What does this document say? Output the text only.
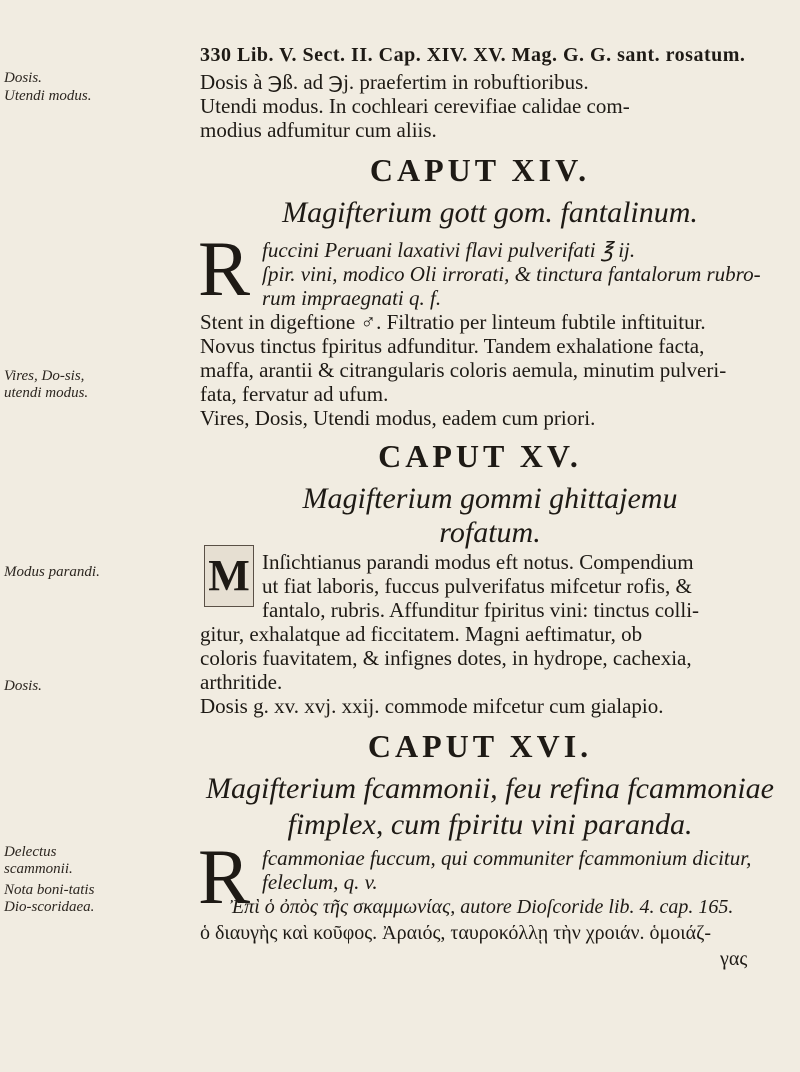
Dosis.
Utendi modus.
Vires, Do-sis, utendi modus.
Modus parandi.
Dosis.
Delectus scammonii.
Nota boni-tatis Dio-scoridaea.
330 Lib. V. Sect. II. Cap. XIV. XV. Mag. G. G. sant. rosatum.
Dosis à ℈ß. ad ℈j. praefertim in robuftioribus.
Utendi modus. In cochleari cerevifiae calidae com-
modius adfumitur cum aliis.
CAPUT XIV.
Magifterium gott gom. fantalinum.
R fuccini Peruani laxativi flavi pulverifati ℥ ij.
ʃpir. vini, modico Oli irrorati, & tinctura fantalorum rubro-
rum impraegnati q. f.
Stent in digeftione ♂. Filtratio per linteum fubtile inftituitur.
Novus tinctus fpiritus adfunditur. Tandem exhalatione facta,
maffa, arantii & citrangularis coloris aemula, minutim pulveri-
fata, fervatur ad ufum.
Vires, Dosis, Utendi modus, eadem cum priori.
CAPUT XV.
Magifterium gommi ghittajemu
rofatum.
M Inſichtianus parandi modus eft notus. Compendium
ut fiat laboris, fuccus pulverifatus mifcetur rofis, &
fantalo, rubris. Affunditur fpiritus vini: tinctus colli-
gitur, exhalatque ad ficcitatem. Magni aeftimatur, ob
coloris fuavitatem, & infignes dotes, in hydrope, cachexia,
arthritide.
Dosis g. xv. xvj. xxij. commode mifcetur cum gialapio.
CAPUT XVI.
Magifterium fcammonii, feu refina fcammoniae
fimplex, cum fpiritu vini paranda.
R fcammoniae fuccum, qui communiter fcammonium dicitur,
feleclum, q. v.
Ἐπὶ ὁ ὀπὸς τῆς σκαμμωνίας, autore Dioſcoride lib. 4. cap. 165.
ὁ διαυγὴς καὶ κοῦφος. Ἀραιός, ταυροκόλλῃ τὴν χροιάν. ὁμοιάζ-
γας
